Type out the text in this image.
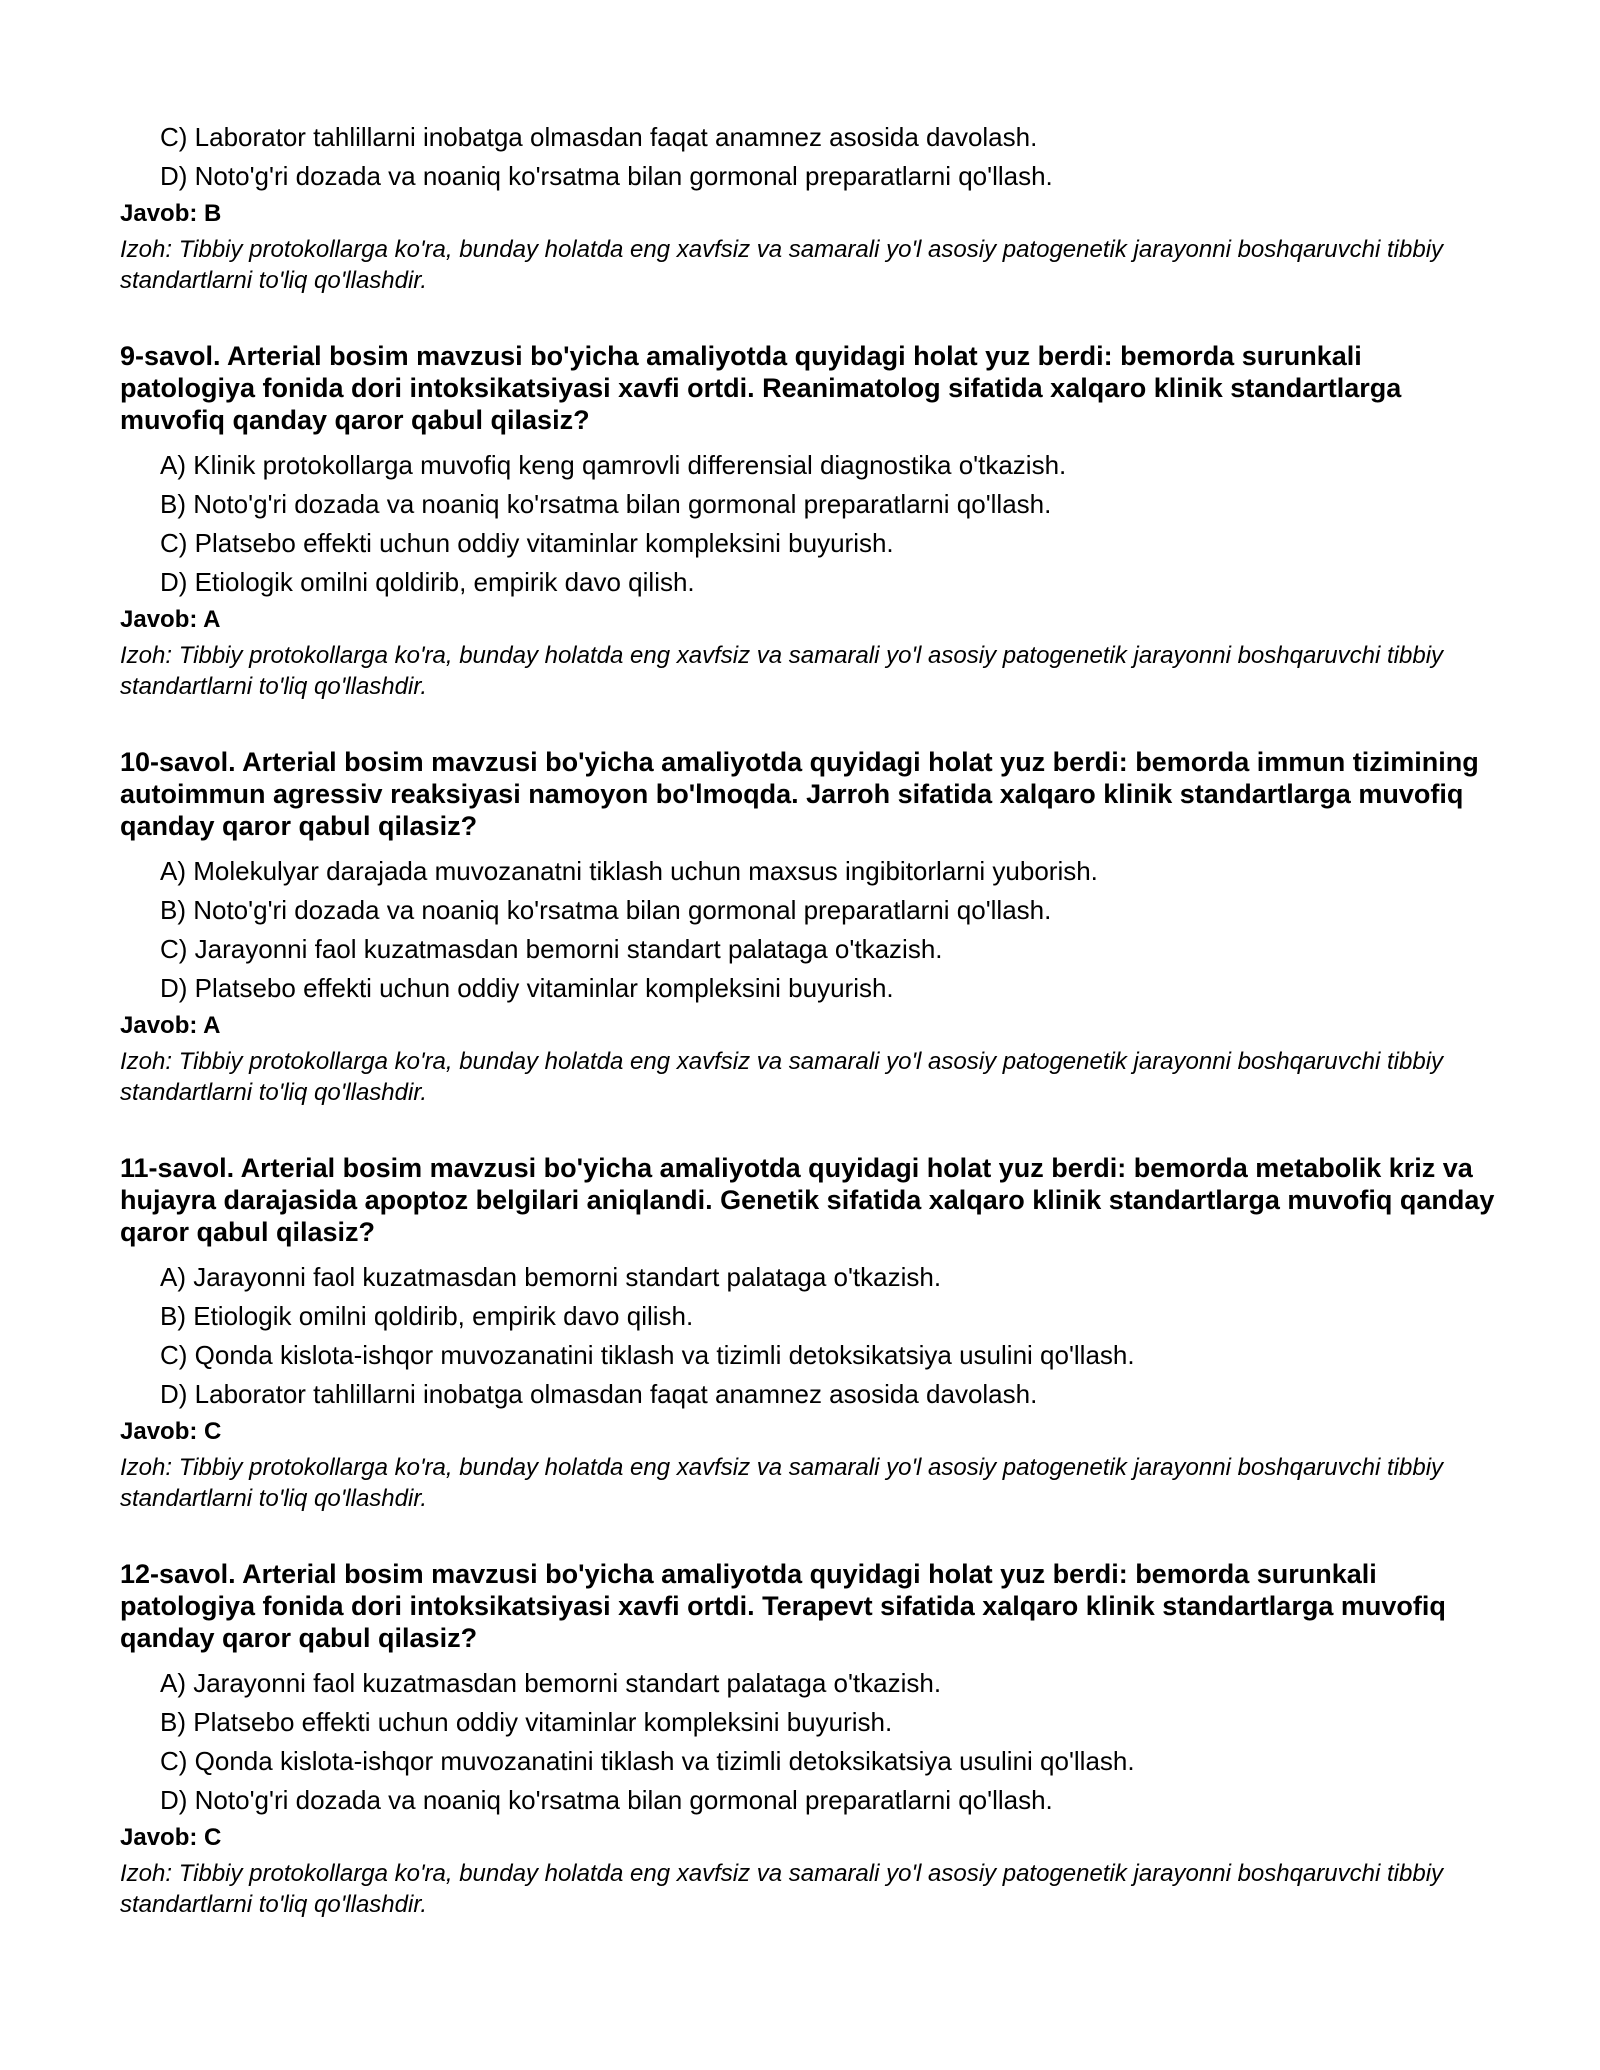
C) Laborator tahlillarni inobatga olmasdan faqat anamnez asosida davolash.
D) Noto'g'ri dozada va noaniq ko'rsatma bilan gormonal preparatlarni qo'llash.
Javob: B

Izoh: Tibbiy protokollarga ko'ra, bunday holatda eng xavfsiz va samarali yo'l asosiy patogenetik jarayonni boshqaruvchi tibbiy standartlarni to'liq qo'llashdir.

9-savol. Arterial bosim mavzusi bo'yicha amaliyotda quyidagi holat yuz berdi: bemorda surunkali patologiya fonida dori intoksikatsiyasi xavfi ortdi. Reanimatolog sifatida xalqaro klinik standartlarga muvofiq qanday qaror qabul qilasiz?
A) Klinik protokollarga muvofiq keng qamrovli differensial diagnostika o'tkazish.
B) Noto'g'ri dozada va noaniq ko'rsatma bilan gormonal preparatlarni qo'llash.
C) Platsebo effekti uchun oddiy vitaminlar kompleksini buyurish.
D) Etiologik omilni qoldirib, empirik davo qilish.
Javob: A

Izoh: Tibbiy protokollarga ko'ra, bunday holatda eng xavfsiz va samarali yo'l asosiy patogenetik jarayonni boshqaruvchi tibbiy standartlarni to'liq qo'llashdir.

10-savol. Arterial bosim mavzusi bo'yicha amaliyotda quyidagi holat yuz berdi: bemorda immun tizimining autoimmun agressiv reaksiyasi namoyon bo'lmoqda. Jarroh sifatida xalqaro klinik standartlarga muvofiq qanday qaror qabul qilasiz?
A) Molekulyar darajada muvozanatni tiklash uchun maxsus ingibitorlarni yuborish.
B) Noto'g'ri dozada va noaniq ko'rsatma bilan gormonal preparatlarni qo'llash.
C) Jarayonni faol kuzatmasdan bemorni standart palataga o'tkazish.
D) Platsebo effekti uchun oddiy vitaminlar kompleksini buyurish.
Javob: A

Izoh: Tibbiy protokollarga ko'ra, bunday holatda eng xavfsiz va samarali yo'l asosiy patogenetik jarayonni boshqaruvchi tibbiy standartlarni to'liq qo'llashdir.

11-savol. Arterial bosim mavzusi bo'yicha amaliyotda quyidagi holat yuz berdi: bemorda metabolik kriz va hujayra darajasida apoptoz belgilari aniqlandi. Genetik sifatida xalqaro klinik standartlarga muvofiq qanday qaror qabul qilasiz?
A) Jarayonni faol kuzatmasdan bemorni standart palataga o'tkazish.
B) Etiologik omilni qoldirib, empirik davo qilish.
C) Qonda kislota-ishqor muvozanatini tiklash va tizimli detoksikatsiya usulini qo'llash.
D) Laborator tahlillarni inobatga olmasdan faqat anamnez asosida davolash.
Javob: C

Izoh: Tibbiy protokollarga ko'ra, bunday holatda eng xavfsiz va samarali yo'l asosiy patogenetik jarayonni boshqaruvchi tibbiy standartlarni to'liq qo'llashdir.

12-savol. Arterial bosim mavzusi bo'yicha amaliyotda quyidagi holat yuz berdi: bemorda surunkali patologiya fonida dori intoksikatsiyasi xavfi ortdi. Terapevt sifatida xalqaro klinik standartlarga muvofiq qanday qaror qabul qilasiz?
A) Jarayonni faol kuzatmasdan bemorni standart palataga o'tkazish.
B) Platsebo effekti uchun oddiy vitaminlar kompleksini buyurish.
C) Qonda kislota-ishqor muvozanatini tiklash va tizimli detoksikatsiya usulini qo'llash.
D) Noto'g'ri dozada va noaniq ko'rsatma bilan gormonal preparatlarni qo'llash.
Javob: C

Izoh: Tibbiy protokollarga ko'ra, bunday holatda eng xavfsiz va samarali yo'l asosiy patogenetik jarayonni boshqaruvchi tibbiy standartlarni to'liq qo'llashdir.
